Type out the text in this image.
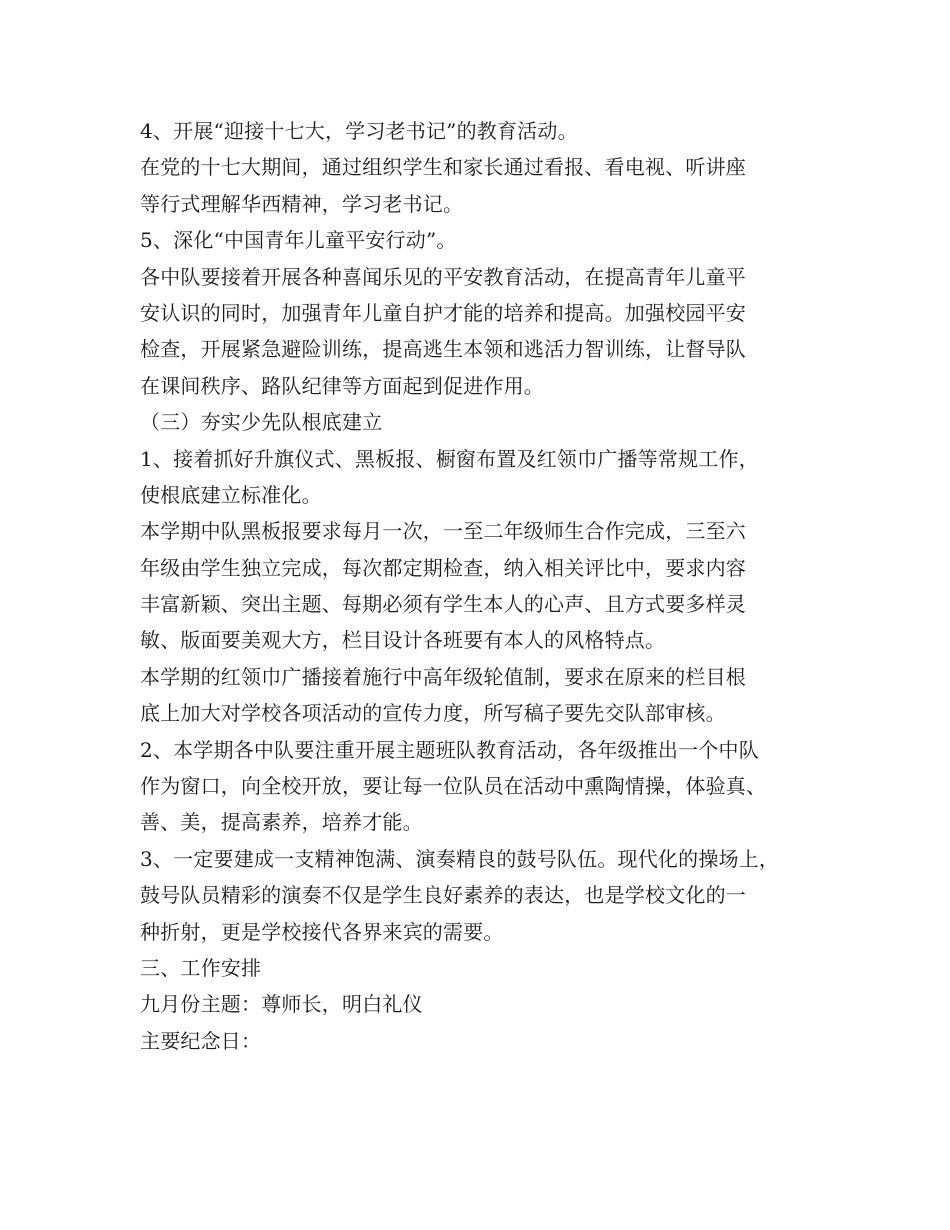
4、开展“迎接十七大，学习老书记”的教育活动。
在党的十七大期间，通过组织学生和家长通过看报、看电视、听讲座
等行式理解华西精神，学习老书记。
5、深化“中国青年儿童平安行动”。
各中队要接着开展各种喜闻乐见的平安教育活动，在提高青年儿童平
安认识的同时，加强青年儿童自护才能的培养和提高。加强校园平安
检查，开展紧急避险训练，提高逃生本领和逃活力智训练，让督导队
在课间秩序、路队纪律等方面起到促进作用。
（三）夯实少先队根底建立
1、接着抓好升旗仪式、黑板报、橱窗布置及红领巾广播等常规工作，
使根底建立标准化。
本学期中队黑板报要求每月一次，一至二年级师生合作完成，三至六
年级由学生独立完成，每次都定期检查，纳入相关评比中，要求内容
丰富新颖、突出主题、每期必须有学生本人的心声、且方式要多样灵
敏、版面要美观大方，栏目设计各班要有本人的风格特点。
本学期的红领巾广播接着施行中高年级轮值制，要求在原来的栏目根
底上加大对学校各项活动的宣传力度，所写稿子要先交队部审核。
2、本学期各中队要注重开展主题班队教育活动，各年级推出一个中队
作为窗口，向全校开放，要让每一位队员在活动中熏陶情操，体验真、
善、美，提高素养，培养才能。
3、一定要建成一支精神饱满、演奏精良的鼓号队伍。现代化的操场上，
鼓号队员精彩的演奏不仅是学生良好素养的表达，也是学校文化的一
种折射，更是学校接代各界来宾的需要。
三、工作安排
九月份主题：尊师长，明白礼仪
主要纪念日：
